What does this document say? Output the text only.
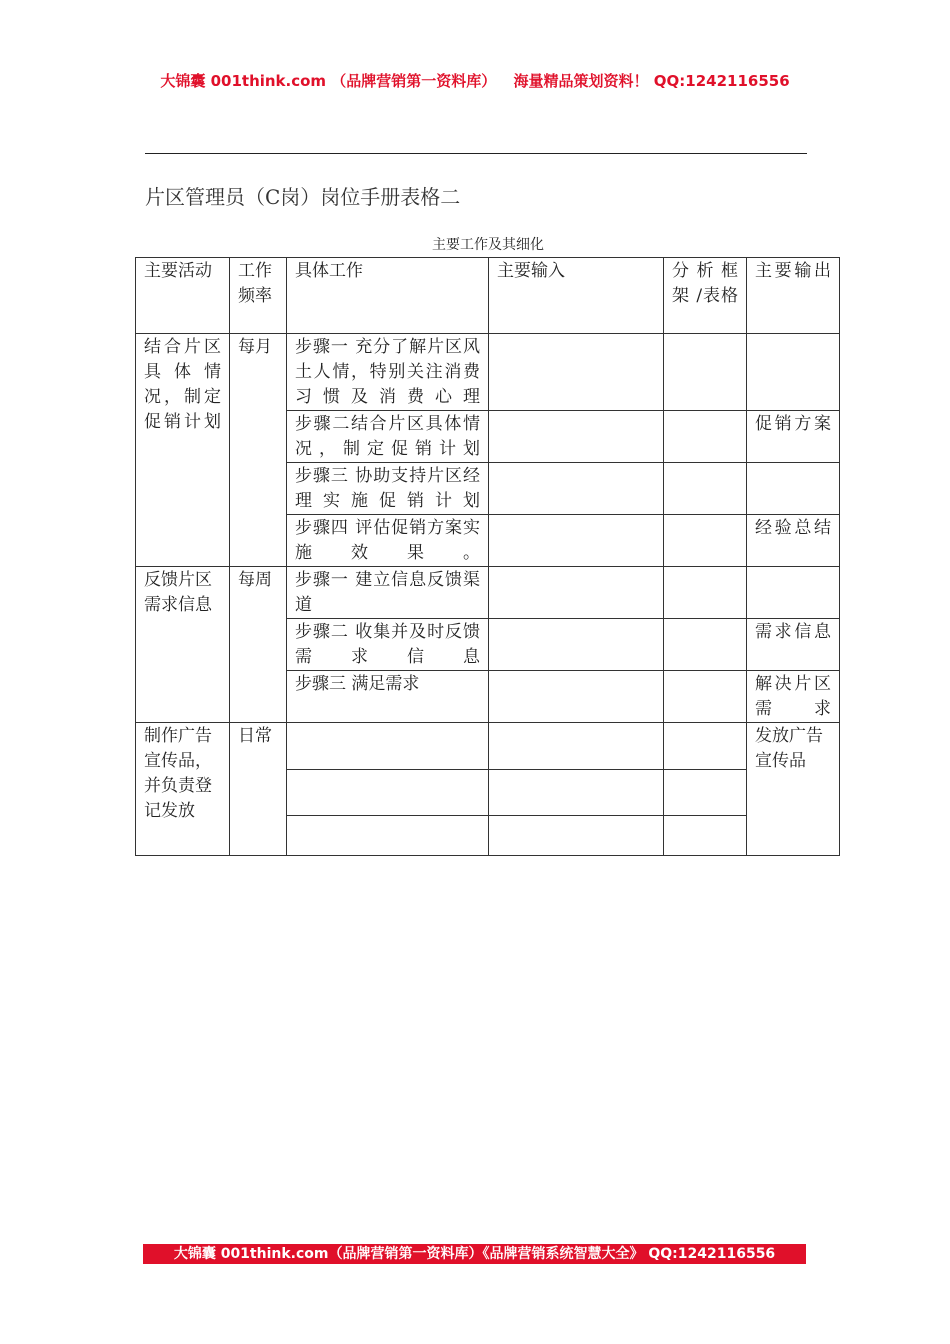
大锦囊 001think.com （品牌营销第一资料库） 海量精品策划资料！ QQ:1242116556
片区管理员（C岗）岗位手册表格二
主要工作及其细化
主要活动	工作频率	具体工作	主要输入	分析框架 /表格	主要输出
结合片区具体情况，制定促销计划	每月	步骤一 充分了解片区风土人情，特别关注消费习惯及消费心理			
		步骤二结合片区具体情况，制定促销计划			促销方案
		步骤三 协助支持片区经理实施促销计划			
		步骤四 评估促销方案实施效果。			经验总结
反馈片区需求信息	每周	步骤一 建立信息反馈渠道			
		步骤二 收集并及时反馈需求信息			需求信息
		步骤三 满足需求			解决片区需求
制作广告宣传品，并负责登记发放	日常				发放广告宣传品

大锦囊 001think.com（品牌营销第一资料库）《品牌营销系统智慧大全》 QQ:1242116556
